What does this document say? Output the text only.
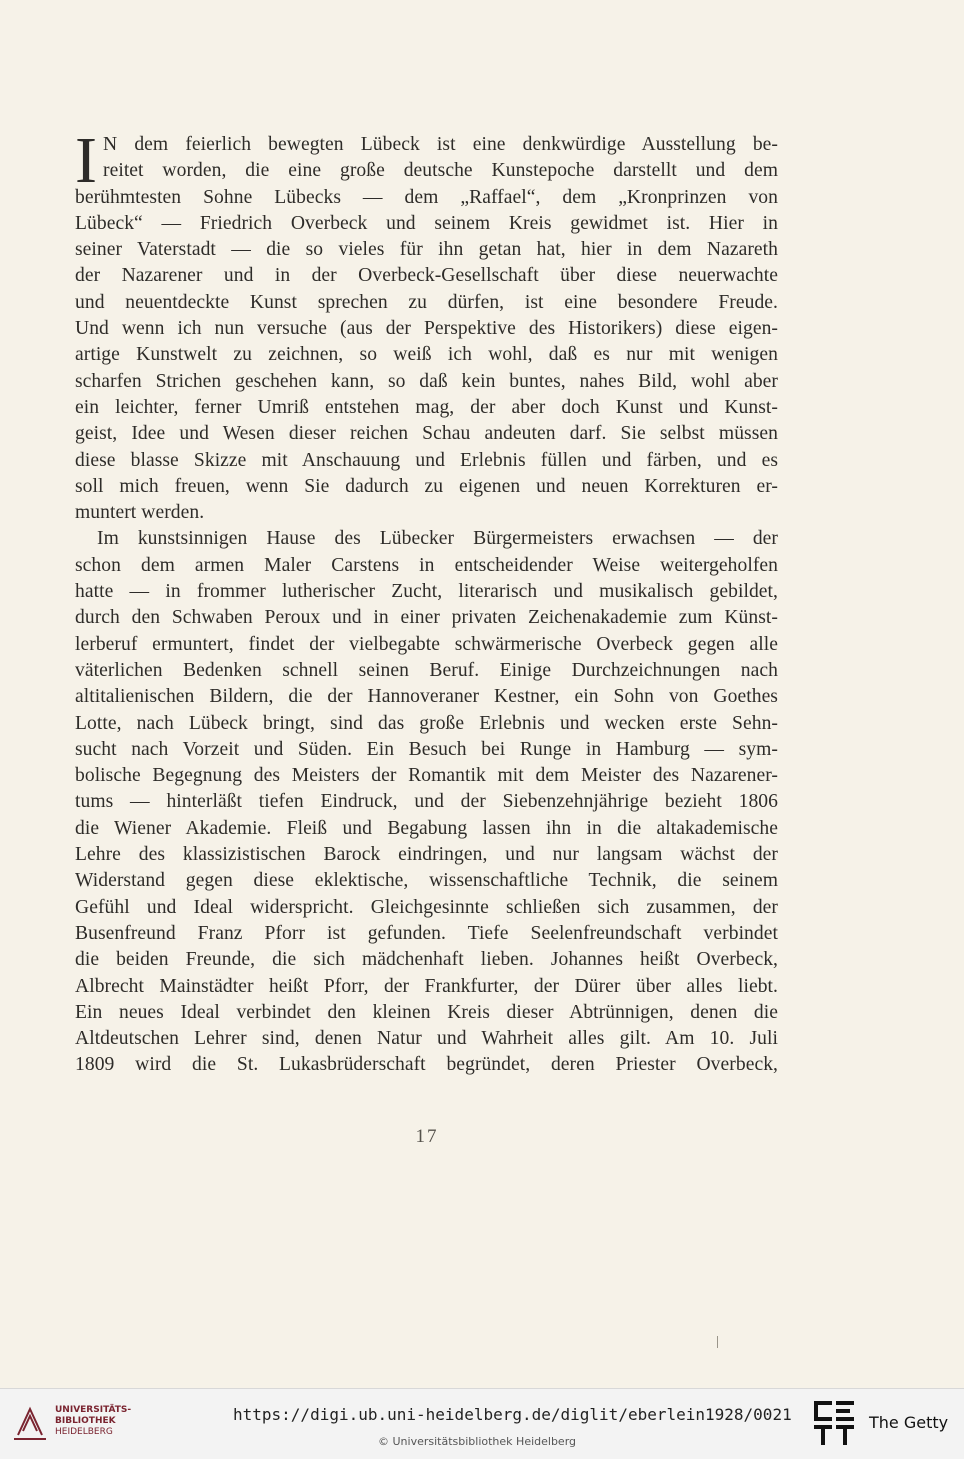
I N dem feierlich bewegten Lübeck ist eine denkwürdige Ausstellung be-
reitet worden, die eine große deutsche Kunstepoche darstellt und dem
berühmtesten Sohne Lübecks — dem „Raffael“, dem „Kronprinzen von
Lübeck“ — Friedrich Overbeck und seinem Kreis gewidmet ist. Hier in
seiner Vaterstadt — die so vieles für ihn getan hat, hier in dem Nazareth
der Nazarener und in der Overbeck-Gesellschaft über diese neuerwachte
und neuentdeckte Kunst sprechen zu dürfen, ist eine besondere Freude.
Und wenn ich nun versuche (aus der Perspektive des Historikers) diese eigen-
artige Kunstwelt zu zeichnen, so weiß ich wohl, daß es nur mit wenigen
scharfen Strichen geschehen kann, so daß kein buntes, nahes Bild, wohl aber
ein leichter, ferner Umriß entstehen mag, der aber doch Kunst und Kunst-
geist, Idee und Wesen dieser reichen Schau andeuten darf. Sie selbst müssen
diese blasse Skizze mit Anschauung und Erlebnis füllen und färben, und es
soll mich freuen, wenn Sie dadurch zu eigenen und neuen Korrekturen er-
muntert werden.
Im kunstsinnigen Hause des Lübecker Bürgermeisters erwachsen — der
schon dem armen Maler Carstens in entscheidender Weise weitergeholfen
hatte — in frommer lutherischer Zucht, literarisch und musikalisch gebildet,
durch den Schwaben Peroux und in einer privaten Zeichenakademie zum Künst-
lerberuf ermuntert, findet der vielbegabte schwärmerische Overbeck gegen alle
väterlichen Bedenken schnell seinen Beruf. Einige Durchzeichnungen nach
altitalienischen Bildern, die der Hannoveraner Kestner, ein Sohn von Goethes
Lotte, nach Lübeck bringt, sind das große Erlebnis und wecken erste Sehn-
sucht nach Vorzeit und Süden. Ein Besuch bei Runge in Hamburg — sym-
bolische Begegnung des Meisters der Romantik mit dem Meister des Nazarener-
tums — hinterläßt tiefen Eindruck, und der Siebenzehnjährige bezieht 1806
die Wiener Akademie. Fleiß und Begabung lassen ihn in die altakademische
Lehre des klassizistischen Barock eindringen, und nur langsam wächst der
Widerstand gegen diese eklektische, wissenschaftliche Technik, die seinem
Gefühl und Ideal widerspricht. Gleichgesinnte schließen sich zusammen, der
Busenfreund Franz Pforr ist gefunden. Tiefe Seelenfreundschaft verbindet
die beiden Freunde, die sich mädchenhaft lieben. Johannes heißt Overbeck,
Albrecht Mainstädter heißt Pforr, der Frankfurter, der Dürer über alles liebt.
Ein neues Ideal verbindet den kleinen Kreis dieser Abtrünnigen, denen die
Altdeutschen Lehrer sind, denen Natur und Wahrheit alles gilt. Am 10. Juli
1809 wird die St. Lukasbrüderschaft begründet, deren Priester Overbeck,
17
UNIVERSITÄTS-
BIBLIOTHEK
HEIDELBERG
https://digi.ub.uni-heidelberg.de/diglit/eberlein1928/0021
© Universitätsbibliothek Heidelberg
The Getty
